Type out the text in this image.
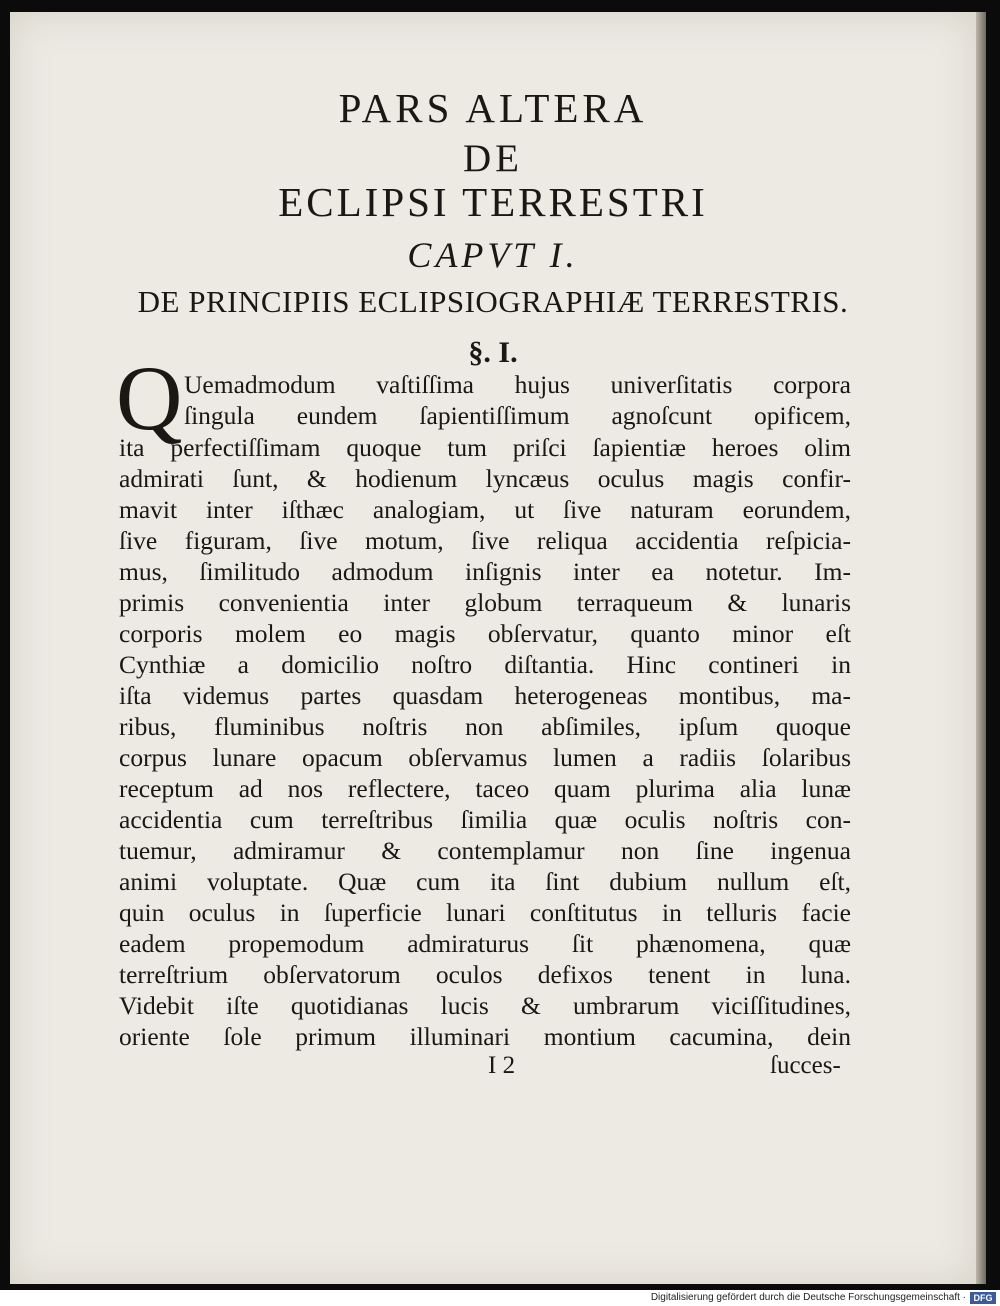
PARS ALTERA
DE
ECLIPSI TERRESTRI
CAPVT I.
DE PRINCIPIIS ECLIPSIOGRAPHIÆ TERRESTRIS.
§. I.
Q Uemadmodum vaſtiſſima hujus univerſitatis corpora
ſingula eundem ſapientiſſimum agnoſcunt opificem,
ita perfectiſſimam quoque tum priſci ſapientiæ heroes olim
admirati ſunt, & hodienum lyncæus oculus magis confir-
mavit inter iſthæc analogiam, ut ſive naturam eorundem,
ſive figuram, ſive motum, ſive reliqua accidentia reſpicia-
mus, ſimilitudo admodum inſignis inter ea notetur. Im-
primis convenientia inter globum terraqueum & lunaris
corporis molem eo magis obſervatur, quanto minor eſt
Cynthiæ a domicilio noſtro diſtantia. Hinc contineri in
iſta videmus partes quasdam heterogeneas montibus, ma-
ribus, fluminibus noſtris non abſimiles, ipſum quoque
corpus lunare opacum obſervamus lumen a radiis ſolaribus
receptum ad nos reflectere, taceo quam plurima alia lunæ
accidentia cum terreſtribus ſimilia quæ oculis noſtris con-
tuemur, admiramur & contemplamur non ſine ingenua
animi voluptate. Quæ cum ita ſint dubium nullum eſt,
quin oculus in ſuperficie lunari conſtitutus in telluris facie
eadem propemodum admiraturus ſit phænomena, quæ
terreſtrium obſervatorum oculos defixos tenent in luna.
Videbit iſte quotidianas lucis & umbrarum viciſſitudines,
oriente ſole primum illuminari montium cacumina, dein
I 2	ſucces-
Digitalisierung gefördert durch die Deutsche Forschungsgemeinschaft · DFG
